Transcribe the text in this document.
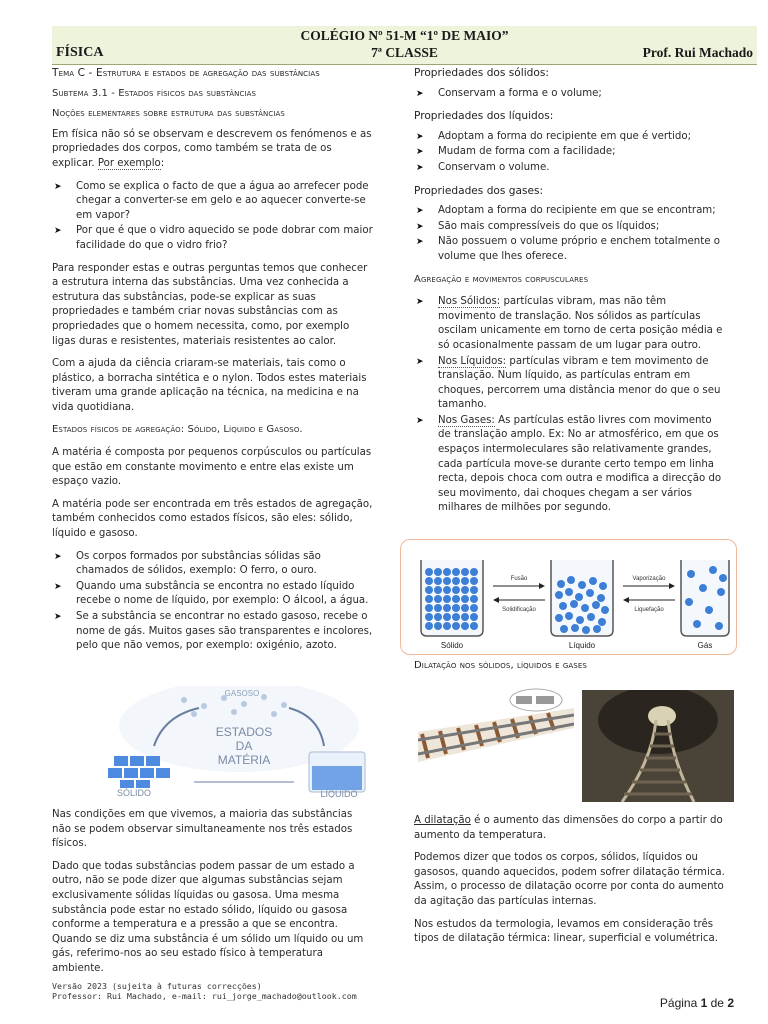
COLÉGIO Nº 51-M “1º DE MAIO”
FÍSICA	7ª CLASSE	Prof. Rui Machado
Tema C - Estrutura e estados de agregação das substâncias
Subtema 3.1 - Estados físicos das substâncias
Noções elementares sobre estrutura das substâncias

Em física não só se observam e descrevem os fenómenos e as propriedades dos corpos, como também se trata de os explicar. Por exemplo:

➤ Como se explica o facto de que a água ao arrefecer pode chegar a converter-se em gelo e ao aquecer converte-se em vapor?
➤ Por que é que o vidro aquecido se pode dobrar com maior facilidade do que o vidro frio?

Para responder estas e outras perguntas temos que conhecer a estrutura interna das substâncias. Uma vez conhecida a estrutura das substâncias, pode-se explicar as suas propriedades e também criar novas substâncias com as propriedades que o homem necessita, como, por exemplo ligas duras e resistentes, materiais resistentes ao calor.

Com a ajuda da ciência criaram-se materiais, tais como o plástico, a borracha sintética e o nylon. Todos estes materiais tiveram uma grande aplicação na técnica, na medicina e na vida quotidiana.

Estados físicos de agregação: Sólido, Líquido e Gasoso.

A matéria é composta por pequenos corpúsculos ou partículas que estão em constante movimento e entre elas existe um espaço vazio.

A matéria pode ser encontrada em três estados de agregação, também conhecidos como estados físicos, são eles: sólido, líquido e gasoso.

➤ Os corpos formados por substâncias sólidas são chamados de sólidos, exemplo: O ferro, o ouro.
➤ Quando uma substância se encontra no estado líquido recebe o nome de líquido, por exemplo: O álcool, a água.
➤ Se a substância se encontrar no estado gasoso, recebe o nome de gás. Muitos gases são transparentes e incolores, pelo que não vemos, por exemplo: oxigénio, azoto.
GASOSO
ESTADOS
DA
MATÉRIA
SÓLIDO	LÍQUIDO

Nas condições em que vivemos, a maioria das substâncias não se podem observar simultaneamente nos três estados físicos.

Dado que todas substâncias podem passar de um estado a outro, não se pode dizer que algumas substâncias sejam exclusivamente sólidas líquidas ou gasosa. Uma mesma substância pode estar no estado sólido, líquido ou gasosa conforme a temperatura e a pressão a que se encontra. Quando se diz uma substância é um sólido um líquido ou um gás, referimo-nos ao seu estado físico à temperatura ambiente.

Propriedades dos sólidos:
➤ Conservam a forma e o volume;
Propriedades dos líquidos:
➤ Adoptam a forma do recipiente em que é vertido;
➤ Mudam de forma com a facilidade;
➤ Conservam o volume.
Propriedades dos gases:
➤ Adoptam a forma do recipiente em que se encontram;
➤ São mais compressíveis do que os líquidos;
➤ Não possuem o volume próprio e enchem totalmente o volume que lhes oferece.
Agregação e movimentos corpusculares
➤ Nos Sólidos: partículas vibram, mas não têm movimento de translação. Nos sólidos as partículas oscilam unicamente em torno de certa posição média e só ocasionalmente passam de um lugar para outro.
➤ Nos Líquidos: partículas vibram e tem movimento de translação. Num líquido, as partículas entram em choques, percorrem uma distância menor do que o seu tamanho.
➤ Nos Gases: As partículas estão livres com movimento de translação amplo. Ex: No ar atmosférico, em que os espaços intermoleculares são relativamente grandes, cada partícula move-se durante certo tempo em linha recta, depois choca com outra e modifica a direcção do seu movimento, dai choques chegam a ser vários milhares de milhões por segundo.
Sólido
Fusão
Solidificação
Líquido
Vaporização
Liquefação
Gás
Dilatação nos sólidos, líquidos e gases

A dilatação é o aumento das dimensões do corpo a partir do aumento da temperatura.

Podemos dizer que todos os corpos, sólidos, líquidos ou gasosos, quando aquecidos, podem sofrer dilatação térmica. Assim, o processo de dilatação ocorre por conta do aumento da agitação das partículas internas.

Nos estudos da termologia, levamos em consideração três tipos de dilatação térmica: linear, superficial e volumétrica.

Versão 2023 (sujeita à futuras correcções)
Professor: Rui Machado, e-mail: rui_jorge_machado@outlook.com	Página 1 de 2
